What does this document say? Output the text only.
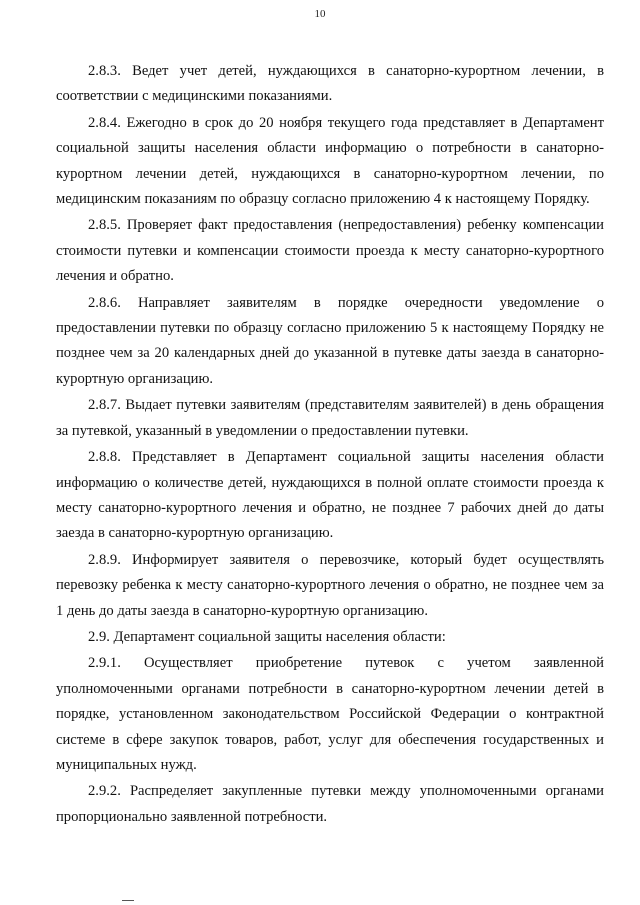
10

2.8.3. Ведет учет детей, нуждающихся в санаторно-курортном лечении, в соответствии с медицинскими показаниями.

2.8.4. Ежегодно в срок до 20 ноября текущего года представляет в Департамент социальной защиты населения области информацию о потребности в санаторно-курортном лечении детей, нуждающихся в санаторно-курортном лечении, по медицинским показаниям по образцу согласно приложению 4 к настоящему Порядку.

2.8.5. Проверяет факт предоставления (непредоставления) ребенку компенсации стоимости путевки и компенсации стоимости проезда к месту санаторно-курортного лечения и обратно.

2.8.6. Направляет заявителям в порядке очередности уведомление о предоставлении путевки по образцу согласно приложению 5 к настоящему Порядку не позднее чем за 20 календарных дней до указанной в путевке даты заезда в санаторно-курортную организацию.

2.8.7. Выдает путевки заявителям (представителям заявителей) в день обращения за путевкой, указанный в уведомлении о предоставлении путевки.

2.8.8. Представляет в Департамент социальной защиты населения области информацию о количестве детей, нуждающихся в полной оплате стоимости проезда к месту санаторно-курортного лечения и обратно, не позднее 7 рабочих дней до даты заезда в санаторно-курортную организацию.

2.8.9. Информирует заявителя о перевозчике, который будет осуществлять перевозку ребенка к месту санаторно-курортного лечения о обратно, не позднее чем за 1 день до даты заезда в санаторно-курортную организацию.

2.9. Департамент социальной защиты населения области:

2.9.1. Осуществляет приобретение путевок с учетом заявленной уполномоченными органами потребности в санаторно-курортном лечении детей в порядке, установленном законодательством Российской Федерации о контрактной системе в сфере закупок товаров, работ, услуг для обеспечения государственных и муниципальных нужд.

2.9.2. Распределяет закупленные путевки между уполномоченными органами пропорционально заявленной потребности.
